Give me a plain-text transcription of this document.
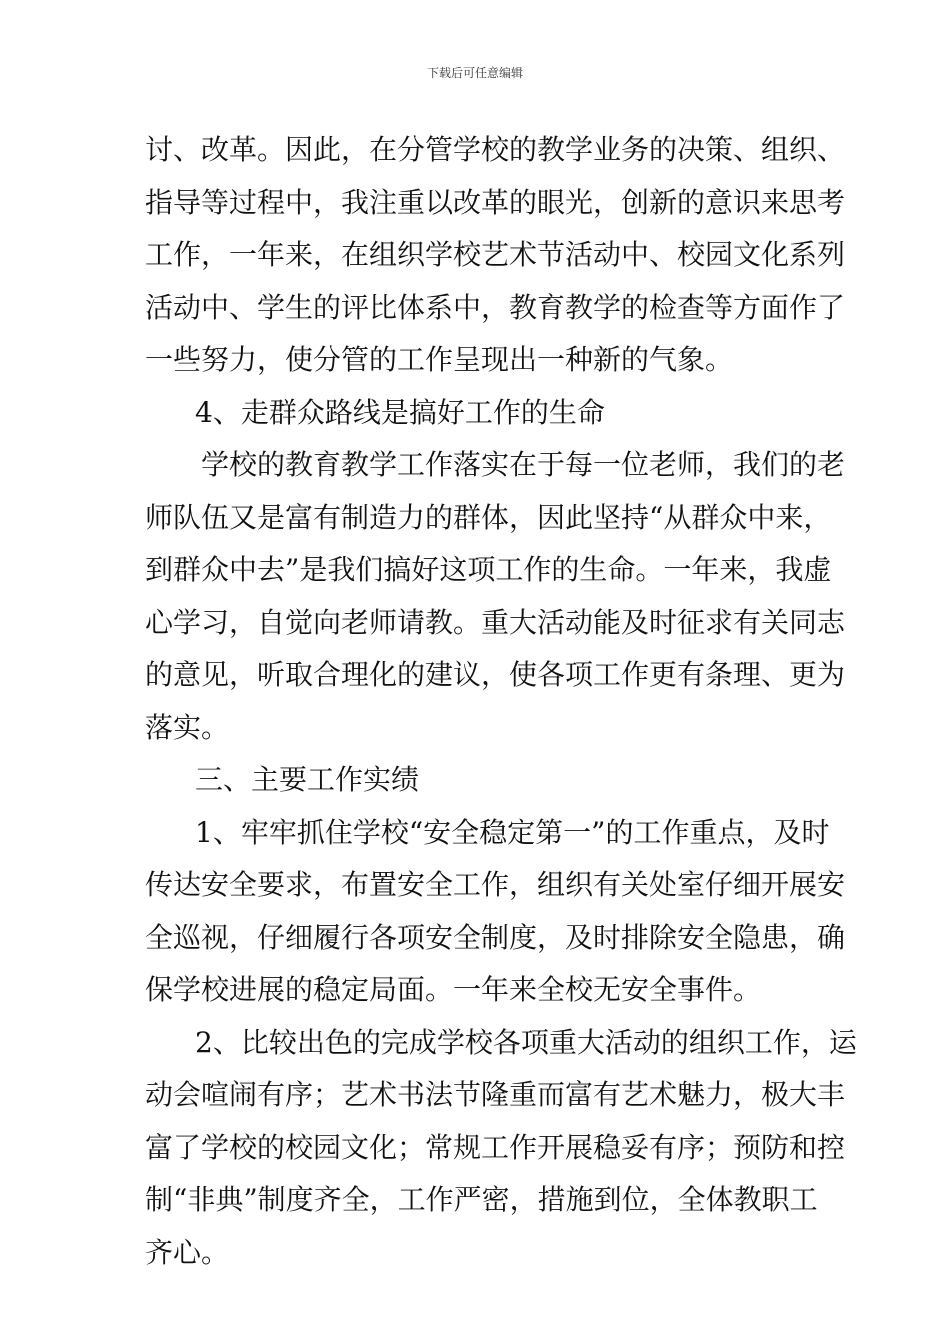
下载后可任意编辑
讨、改革。因此，在分管学校的教学业务的决策、组织、
指导等过程中，我注重以改革的眼光，创新的意识来思考
工作，一年来，在组织学校艺术节活动中、校园文化系列
活动中、学生的评比体系中，教育教学的检查等方面作了
一些努力，使分管的工作呈现出一种新的气象。
4、走群众路线是搞好工作的生命
学校的教育教学工作落实在于每一位老师，我们的老
师队伍又是富有制造力的群体，因此坚持“从群众中来，
到群众中去”是我们搞好这项工作的生命。一年来，我虚
心学习，自觉向老师请教。重大活动能及时征求有关同志
的意见，听取合理化的建议，使各项工作更有条理、更为
落实。
三、主要工作实绩
1、牢牢抓住学校“安全稳定第一”的工作重点，及时
传达安全要求，布置安全工作，组织有关处室仔细开展安
全巡视，仔细履行各项安全制度，及时排除安全隐患，确
保学校进展的稳定局面。一年来全校无安全事件。
2、比较出色的完成学校各项重大活动的组织工作，运
动会喧闹有序；艺术书法节隆重而富有艺术魅力，极大丰
富了学校的校园文化；常规工作开展稳妥有序；预防和控
制“非典”制度齐全，工作严密，措施到位，全体教职工
齐心。
